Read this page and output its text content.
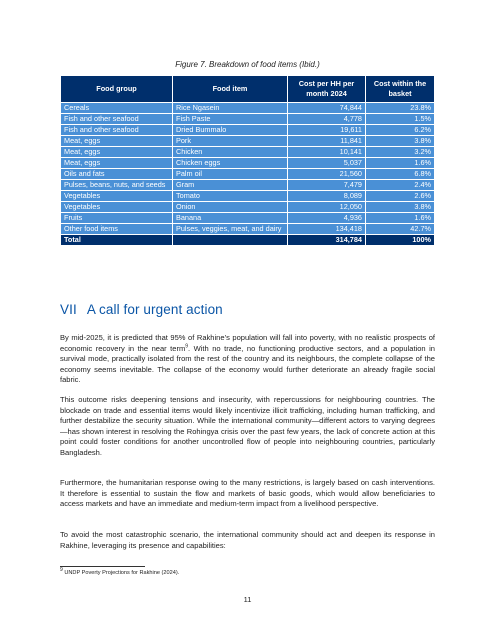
Figure 7. Breakdown of food items (Ibid.)
Food group	Food item	Cost per HH per month 2024	Cost within the basket
Cereals	Rice Ngasein	74,844	23.8%
Fish and other seafood	Fish Paste	4,778	1.5%
Fish and other seafood	Dried Bummalo	19,611	6.2%
Meat, eggs	Pork	11,841	3.8%
Meat, eggs	Chicken	10,141	3.2%
Meat, eggs	Chicken eggs	5,037	1.6%
Oils and fats	Palm oil	21,560	6.8%
Pulses, beans, nuts, and seeds	Gram	7,479	2.4%
Vegetables	Tomato	8,089	2.6%
Vegetables	Onion	12,050	3.8%
Fruits	Banana	4,936	1.6%
Other food items	Pulses, veggies, meat, and dairy	134,418	42.7%
Total		314,784	100%
VII A call for urgent action

By mid-2025, it is predicted that 95% of Rakhine’s population will fall into poverty, with no realistic prospects of economic recovery in the near term$^9$. With no trade, no functioning productive sectors, and a population in survival mode, practically isolated from the rest of the country and its neighbours, the complete collapse of the economy seems inevitable. The collapse of the economy would further deteriorate an already fragile social fabric.

This outcome risks deepening tensions and insecurity, with repercussions for neighbouring countries. The blockade on trade and essential items would likely incentivize illicit trafficking, including human trafficking, and further destabilize the security situation. While the international community—different actors to varying degrees—has shown interest in resolving the Rohingya crisis over the past few years, the lack of concrete action at this point could foster conditions for another uncontrolled flow of people into neighbouring countries, particularly Bangladesh.

Furthermore, the humanitarian response owing to the many restrictions, is largely based on cash interventions. It therefore is essential to sustain the flow and markets of basic goods, which would allow beneficiaries to access markets and have an immediate and medium-term impact from a livelihood perspective.

To avoid the most catastrophic scenario, the international community should act and deepen its response in Rakhine, leveraging its presence and capabilities:

$^9$ UNDP Poverty Projections for Rakhine (2024).
11
